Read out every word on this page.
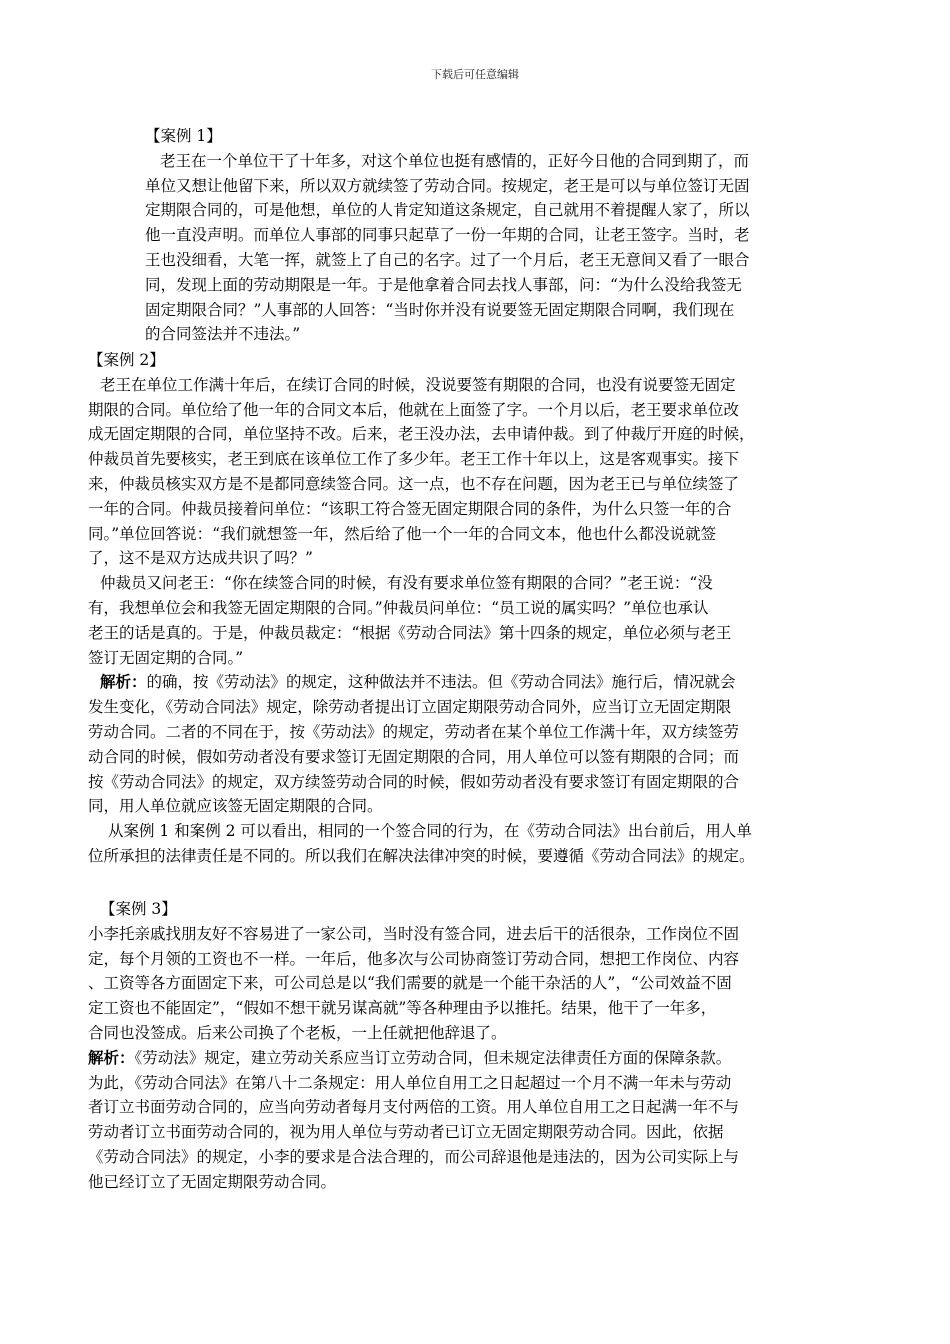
下载后可任意编辑
【案例 1】
老王在一个单位干了十年多，对这个单位也挺有感情的，正好今日他的合同到期了，而
单位又想让他留下来，所以双方就续签了劳动合同。按规定，老王是可以与单位签订无固
定期限合同的，可是他想，单位的人肯定知道这条规定，自己就用不着提醒人家了，所以
他一直没声明。而单位人事部的同事只起草了一份一年期的合同，让老王签字。当时，老
王也没细看，大笔一挥，就签上了自己的名字。过了一个月后，老王无意间又看了一眼合
同，发现上面的劳动期限是一年。于是他拿着合同去找人事部，问：“为什么没给我签无
固定期限合同？”人事部的人回答：“当时你并没有说要签无固定期限合同啊，我们现在
的合同签法并不违法。”
【案例 2】
老王在单位工作满十年后，在续订合同的时候，没说要签有期限的合同，也没有说要签无固定
期限的合同。单位给了他一年的合同文本后，他就在上面签了字。一个月以后，老王要求单位改
成无固定期限的合同，单位坚持不改。后来，老王没办法，去申请仲裁。到了仲裁厅开庭的时候，
仲裁员首先要核实，老王到底在该单位工作了多少年。老王工作十年以上，这是客观事实。接下
来，仲裁员核实双方是不是都同意续签合同。这一点，也不存在问题，因为老王已与单位续签了
一年的合同。仲裁员接着问单位：“该职工符合签无固定期限合同的条件，为什么只签一年的合
同。”单位回答说：“我们就想签一年，然后给了他一个一年的合同文本，他也什么都没说就签
了，这不是双方达成共识了吗？”
仲裁员又问老王：“你在续签合同的时候，有没有要求单位签有期限的合同？”老王说：“没
有，我想单位会和我签无固定期限的合同。”仲裁员问单位：“员工说的属实吗？”单位也承认
老王的话是真的。于是，仲裁员裁定：“根据《劳动合同法》第十四条的规定，单位必须与老王
签订无固定期的合同。”
解析：的确，按《劳动法》的规定，这种做法并不违法。但《劳动合同法》施行后，情况就会
发生变化，《劳动合同法》规定，除劳动者提出订立固定期限劳动合同外，应当订立无固定期限
劳动合同。二者的不同在于，按《劳动法》的规定，劳动者在某个单位工作满十年，双方续签劳
动合同的时候，假如劳动者没有要求签订无固定期限的合同，用人单位可以签有期限的合同；而
按《劳动合同法》的规定，双方续签劳动合同的时候，假如劳动者没有要求签订有固定期限的合
同，用人单位就应该签无固定期限的合同。
从案例 1 和案例 2 可以看出，相同的一个签合同的行为，在《劳动合同法》出台前后，用人单
位所承担的法律责任是不同的。所以我们在解决法律冲突的时候，要遵循《劳动合同法》的规定。
【案例 3】
小李托亲戚找朋友好不容易进了一家公司，当时没有签合同，进去后干的活很杂，工作岗位不固
定，每个月领的工资也不一样。一年后，他多次与公司协商签订劳动合同，想把工作岗位、内容
、工资等各方面固定下来，可公司总是以“我们需要的就是一个能干杂活的人”，“公司效益不固
定工资也不能固定”，“假如不想干就另谋高就”等各种理由予以推托。结果，他干了一年多，
合同也没签成。后来公司换了个老板，一上任就把他辞退了。
解析：《劳动法》规定，建立劳动关系应当订立劳动合同，但未规定法律责任方面的保障条款。
为此，《劳动合同法》在第八十二条规定：用人单位自用工之日起超过一个月不满一年未与劳动
者订立书面劳动合同的，应当向劳动者每月支付两倍的工资。用人单位自用工之日起满一年不与
劳动者订立书面劳动合同的，视为用人单位与劳动者已订立无固定期限劳动合同。因此，依据
《劳动合同法》的规定，小李的要求是合法合理的，而公司辞退他是违法的，因为公司实际上与
他已经订立了无固定期限劳动合同。
